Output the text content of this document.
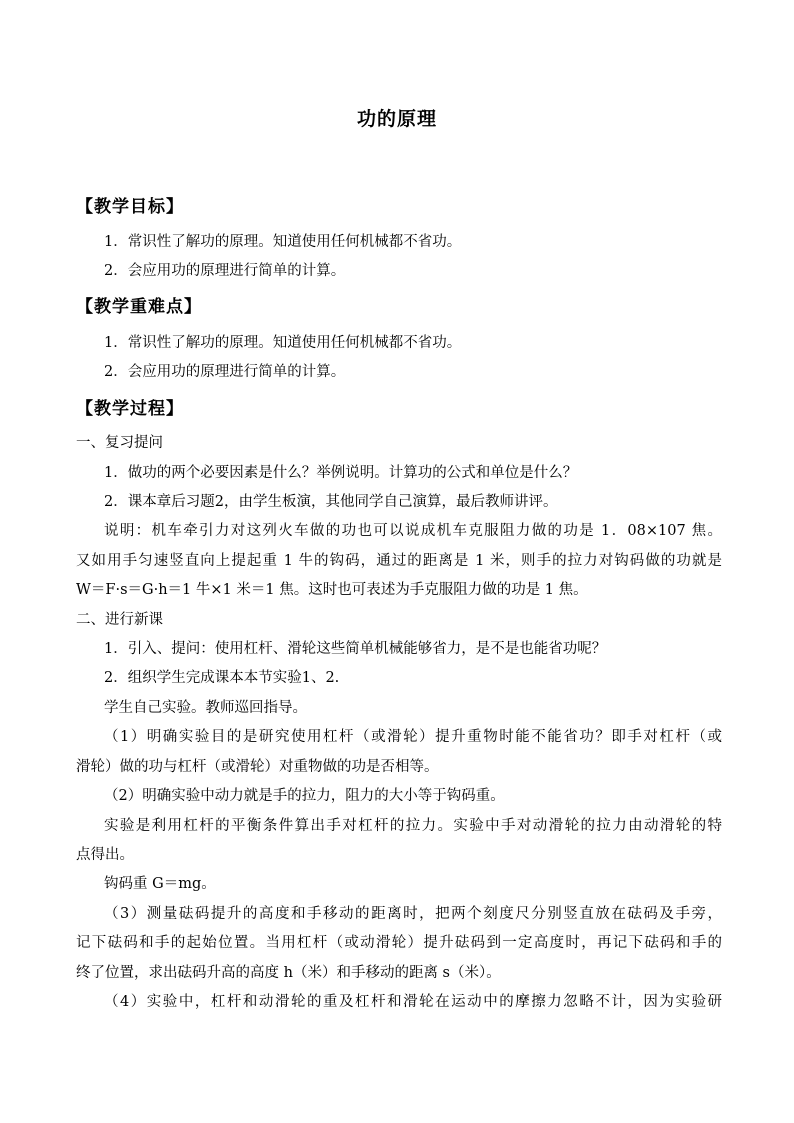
功的原理
【教学目标】
1．常识性了解功的原理。知道使用任何机械都不省功。
2．会应用功的原理进行简单的计算。
【教学重难点】
1．常识性了解功的原理。知道使用任何机械都不省功。
2．会应用功的原理进行简单的计算。
【教学过程】
一、复习提问
1．做功的两个必要因素是什么？举例说明。计算功的公式和单位是什么？
2．课本章后习题2，由学生板演，其他同学自己演算，最后教师讲评。
说明：机车牵引力对这列火车做的功也可以说成机车克服阻力做的功是 1．08×107 焦。
又如用手匀速竖直向上提起重 1 牛的钩码，通过的距离是 1 米，则手的拉力对钩码做的功就是
W＝F·s＝G·h＝1 牛×1 米＝1 焦。这时也可表述为手克服阻力做的功是 1 焦。
二、进行新课
1．引入、提问：使用杠杆、滑轮这些简单机械能够省力，是不是也能省功呢？
2．组织学生完成课本本节实验1、2.
学生自己实验。教师巡回指导。
（1）明确实验目的是研究使用杠杆（或滑轮）提升重物时能不能省功？即手对杠杆（或
滑轮）做的功与杠杆（或滑轮）对重物做的功是否相等。
（2）明确实验中动力就是手的拉力，阻力的大小等于钩码重。
实验是利用杠杆的平衡条件算出手对杠杆的拉力。实验中手对动滑轮的拉力由动滑轮的特
点得出。
钩码重 G＝mg。
（3）测量砝码提升的高度和手移动的距离时，把两个刻度尺分别竖直放在砝码及手旁，
记下砝码和手的起始位置。当用杠杆（或动滑轮）提升砝码到一定高度时，再记下砝码和手的
终了位置，求出砝码升高的高度 h（米）和手移动的距离 s（米）。
（4）实验中，杠杆和动滑轮的重及杠杆和滑轮在运动中的摩擦力忽略不计，因为实验研
